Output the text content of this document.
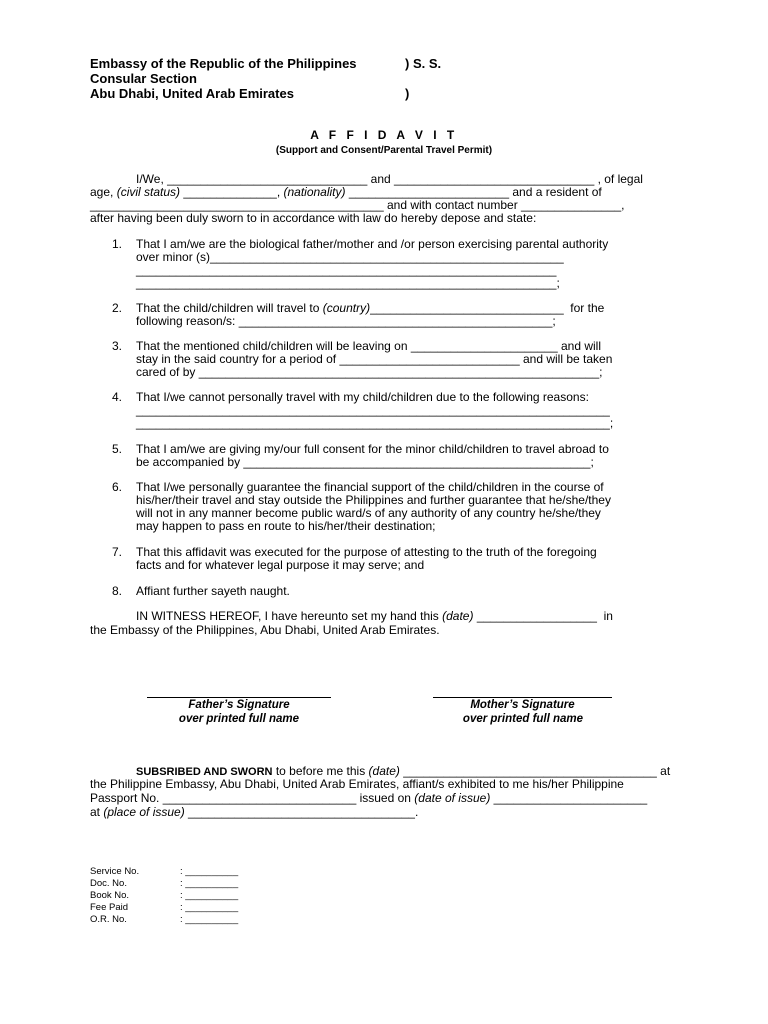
Embassy of the Republic of the Philippines	) S. S.
Consular Section
Abu Dhabi, United Arab Emirates	)
A F F I D A V I T
(Support and Consent/Parental Travel Permit)
I/We, ______________________________ and ______________________________ , of legal
age, (civil status) ______________, (nationality) ________________________ and a resident of
____________________________________________ and with contact number _______________,
after having been duly sworn to in accordance with law do hereby depose and state:
1. That I am/we are the biological father/mother and /or person exercising parental authority
over minor (s)_____________________________________________________
_______________________________________________________________
_______________________________________________________________;
2. That the child/children will travel to (country)_____________________________  for the
following reason/s: _______________________________________________;
3. That the mentioned child/children will be leaving on ______________________ and will
stay in the said country for a period of ___________________________ and will be taken
cared of by ____________________________________________________________;
4. That I/we cannot personally travel with my child/children due to the following reasons:
_______________________________________________________________________
_______________________________________________________________________;
5. That I am/we are giving my/our full consent for the minor child/children to travel abroad to
be accompanied by ____________________________________________________;
6. That I/we personally guarantee the financial support of the child/children in the course of
his/her/their travel and stay outside the Philippines and further guarantee that he/she/they
will not in any manner become public ward/s of any authority of any country he/she/they
may happen to pass en route to his/her/their destination;
7. That this affidavit was executed for the purpose of attesting to the truth of the foregoing
facts and for whatever legal purpose it may serve; and
8. Affiant further sayeth naught.
IN WITNESS HEREOF, I have hereunto set my hand this (date) __________________  in
the Embassy of the Philippines, Abu Dhabi, United Arab Emirates.
Father’s Signature
over printed full name
Mother’s Signature
over printed full name
SUBSRIBED AND SWORN to before me this (date) ______________________________________ at
the Philippine Embassy, Abu Dhabi, United Arab Emirates, affiant/s exhibited to me his/her Philippine
Passport No. _____________________________ issued on (date of issue) _______________________
at (place of issue) __________________________________.
Service No.	: __________
Doc. No.	: __________
Book No.	: __________
Fee Paid	: __________
O.R. No.	: __________
